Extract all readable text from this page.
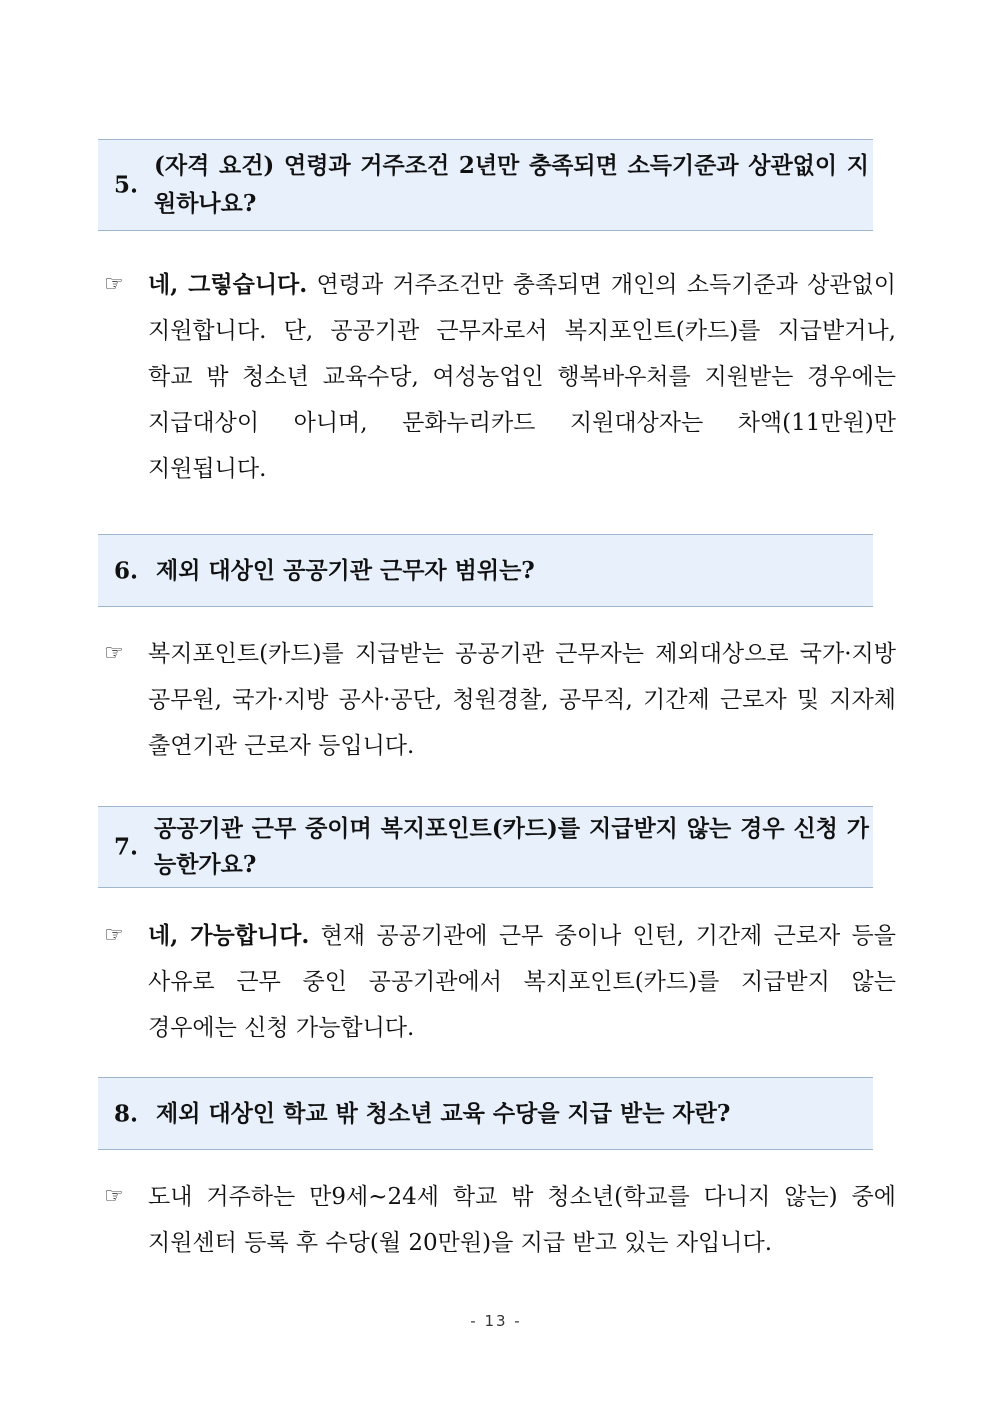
5.
(자격 요건) 연령과 거주조건 2년만 충족되면 소득기준과 상관없이 지원하나요?
☞	네, 그렇습니다. 연령과 거주조건만 충족되면 개인의 소득기준과 상관없이 지원합니다. 단, 공공기관 근무자로서 복지포인트(카드)를 지급받거나, 학교 밖 청소년 교육수당, 여성농업인 행복바우처를 지원받는 경우에는 지급대상이 아니며, 문화누리카드 지원대상자는 차액(11만원)만 지원됩니다.
6. 제외 대상인 공공기관 근무자 범위는?
☞	복지포인트(카드)를 지급받는 공공기관 근무자는 제외대상으로 국가·지방 공무원, 국가·지방 공사·공단, 청원경찰, 공무직, 기간제 근로자 및 지자체 출연기관 근로자 등입니다.
7.
공공기관 근무 중이며 복지포인트(카드)를 지급받지 않는 경우 신청 가능한가요?
☞	네, 가능합니다. 현재 공공기관에 근무 중이나 인턴, 기간제 근로자 등을 사유로 근무 중인 공공기관에서 복지포인트(카드)를 지급받지 않는 경우에는 신청 가능합니다.
8. 제외 대상인 학교 밖 청소년 교육 수당을 지급 받는 자란?
☞	도내 거주하는 만9세~24세 학교 밖 청소년(학교를 다니지 않는) 중에 지원센터 등록 후 수당(월 20만원)을 지급 받고 있는 자입니다.
- 13 -
